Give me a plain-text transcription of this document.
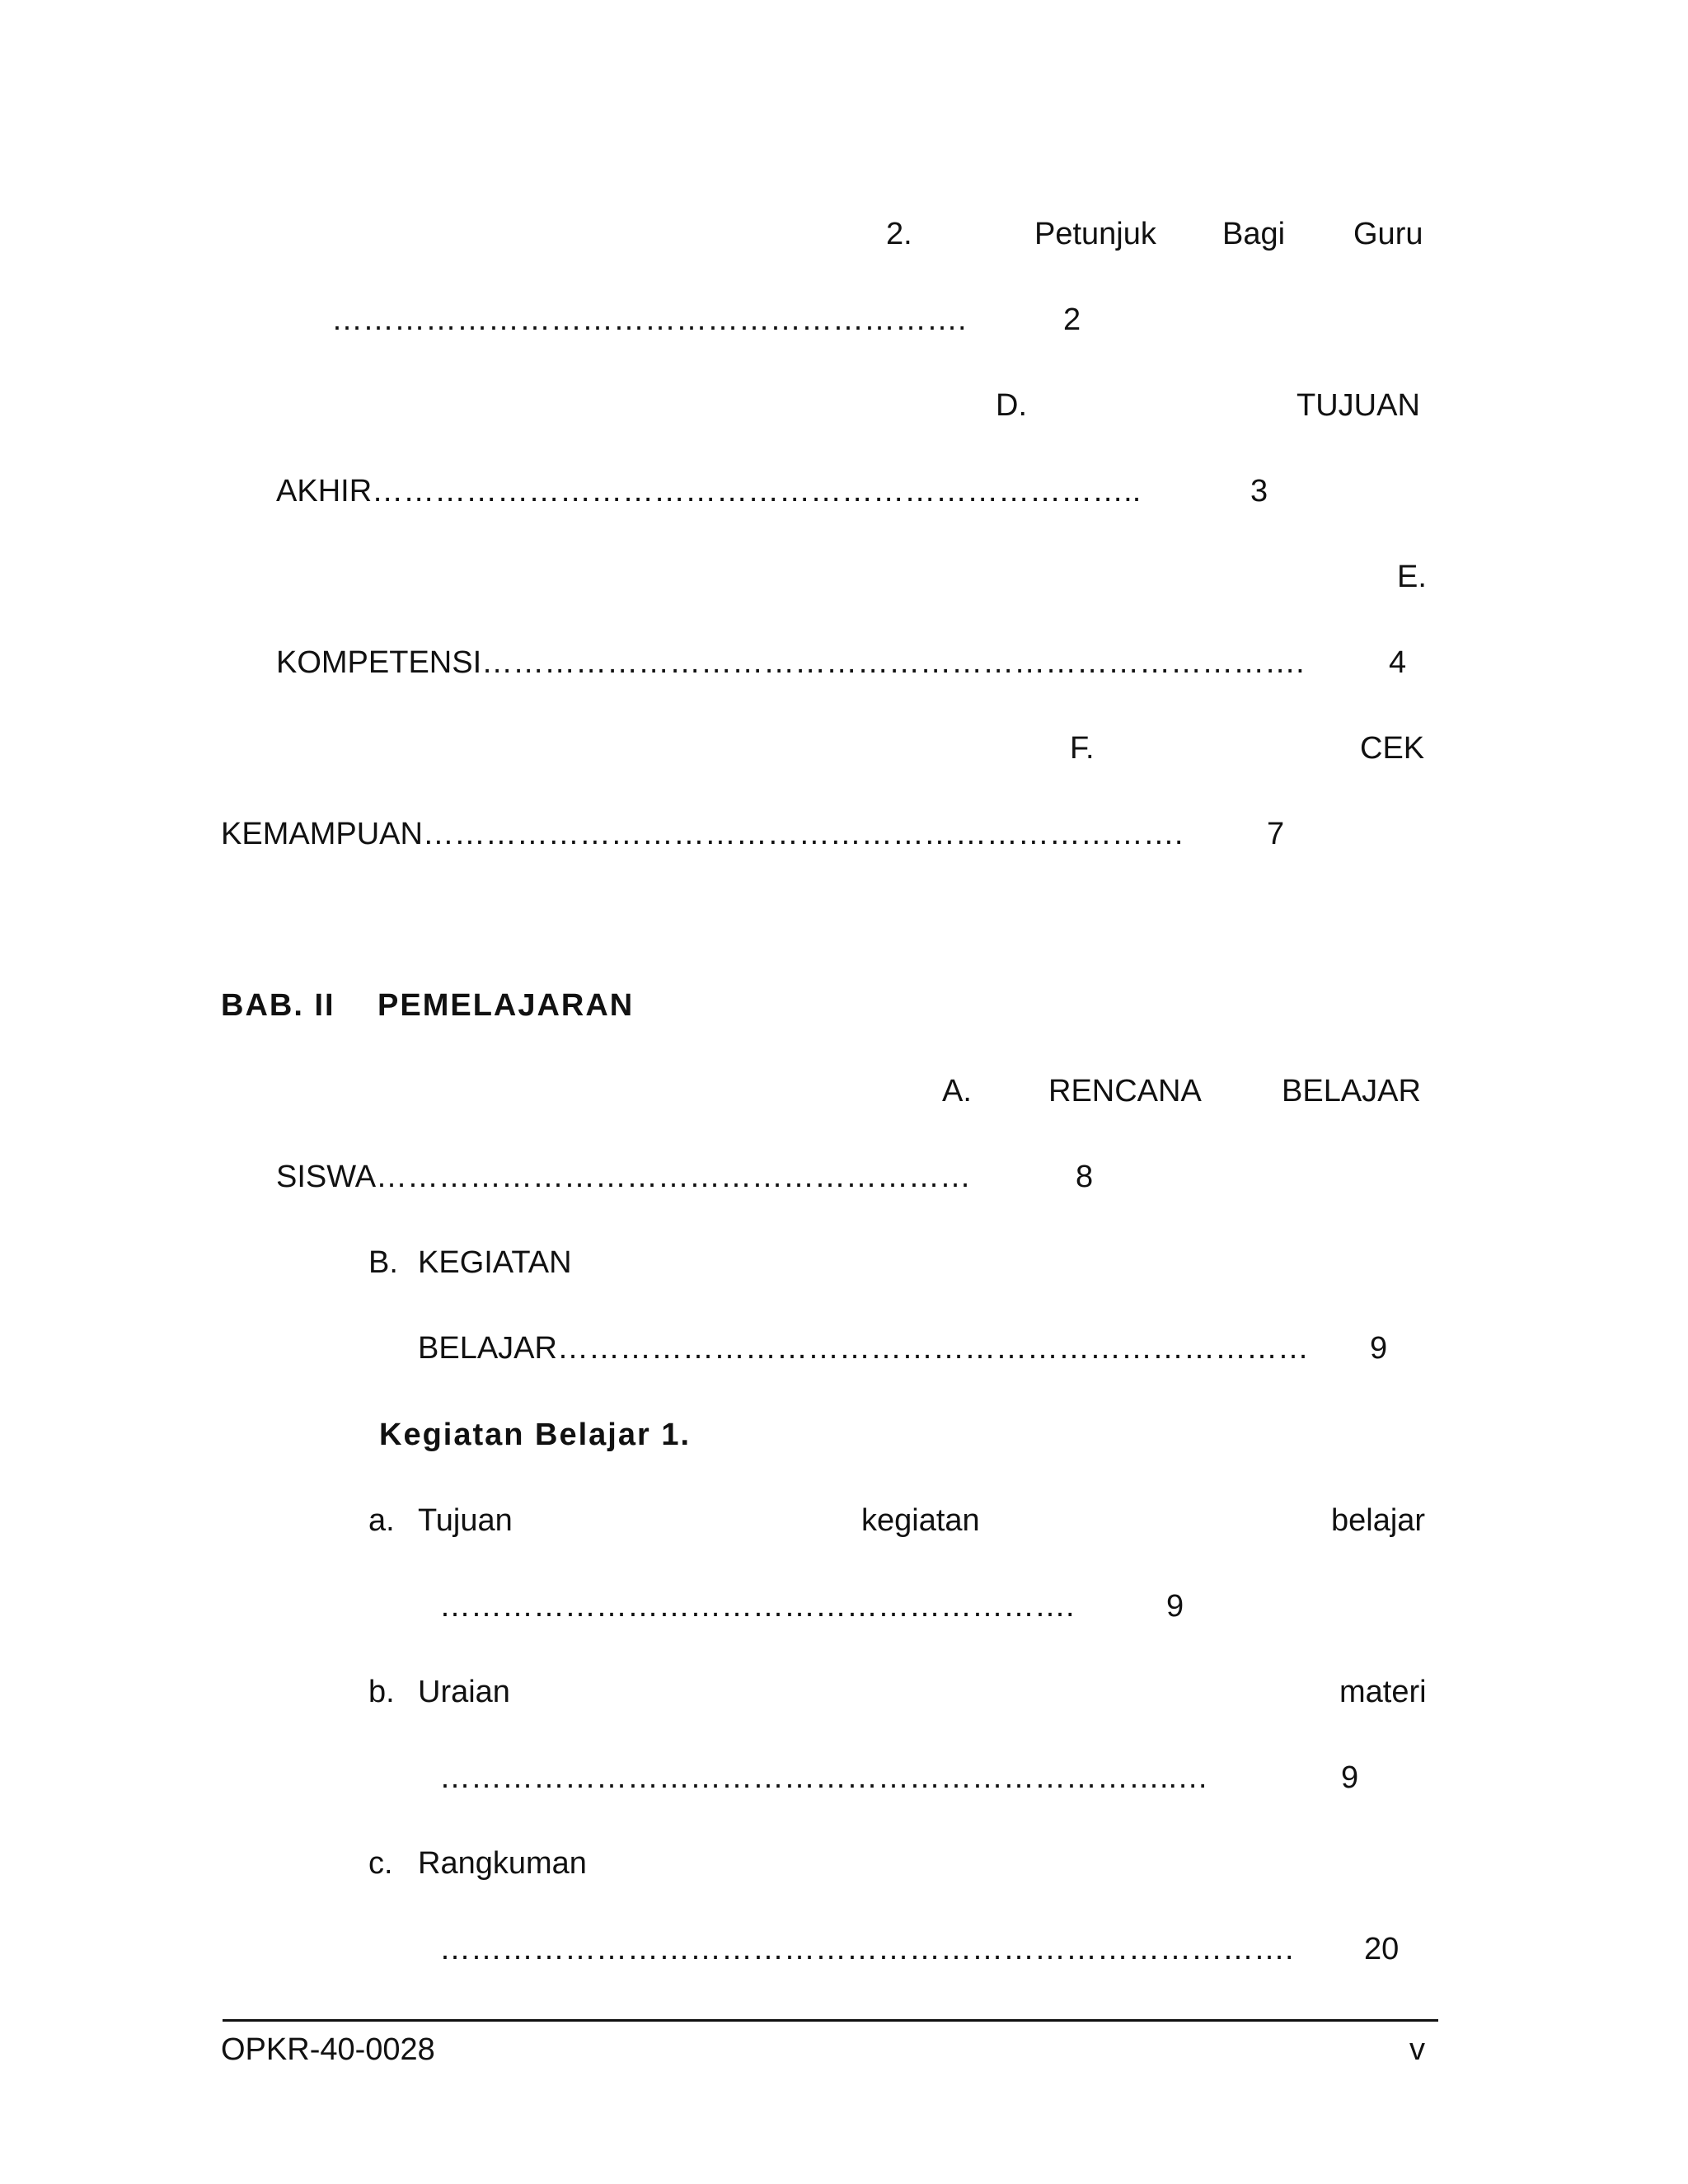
2.	Petunjuk Bagi Guru
…………………………………………………….	2
D.	TUJUAN
AKHIR………………………………………………………………..	3
E.
KOMPETENSI…………………………………………………………………….	4
F.	CEK
KEMAMPUAN……………………………………………………………….	7
BAB. II PEMELAJARAN
A. RENCANA	BELAJAR
SISWA…………………………………………………	8
B. KEGIATAN
BELAJAR……………………………………………………………… 9
Kegiatan Belajar 1.
a. Tujuan	kegiatan	belajar
…………………………………………………….	9
b. Uraian	materi
……………………………………………………………..…	9
c. Rangkuman
………………………………………………………………………. 20
OPKR-40-0028	v
